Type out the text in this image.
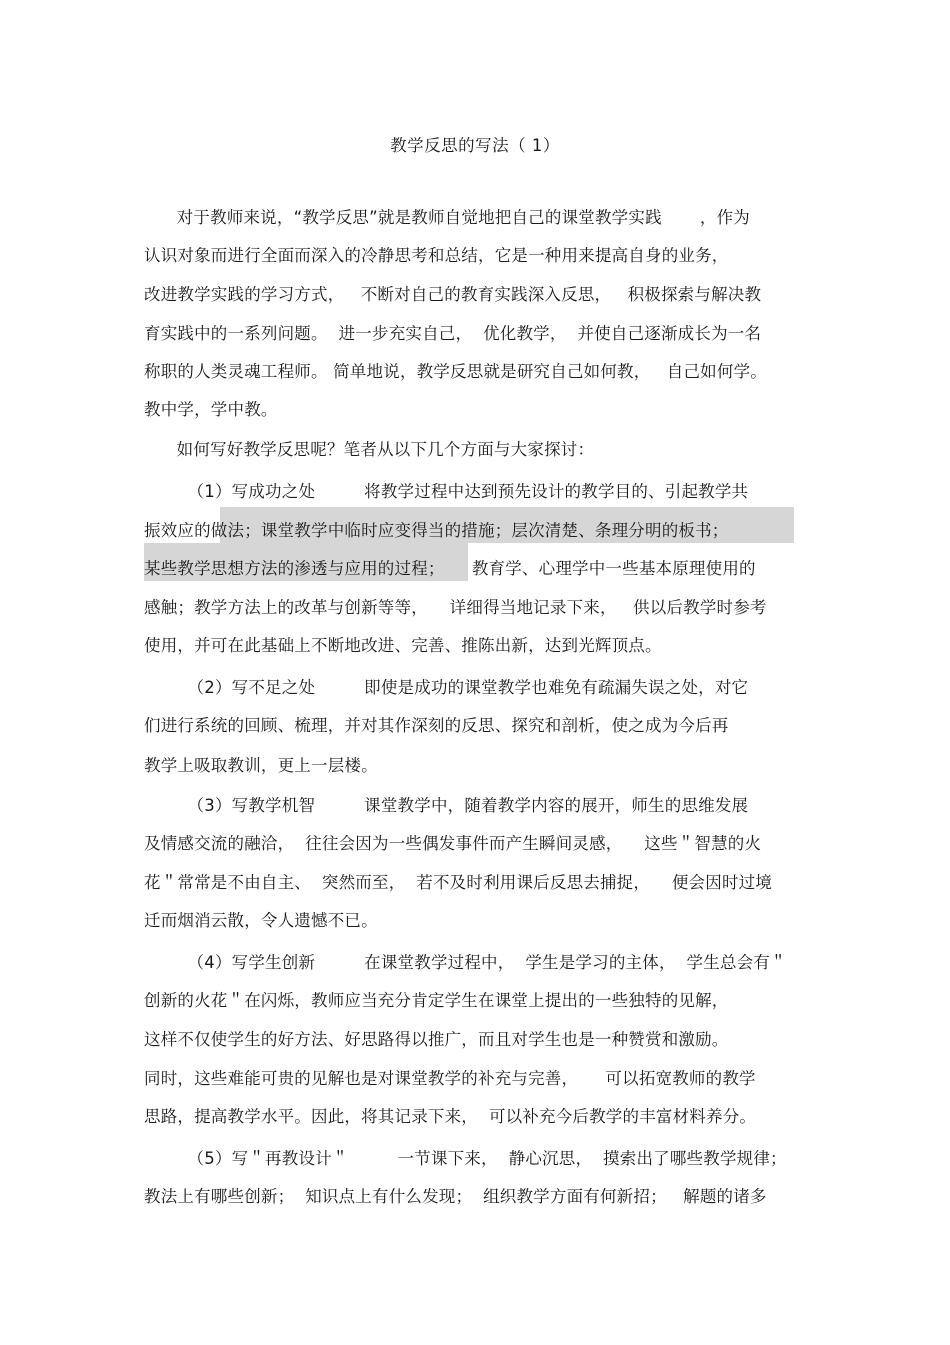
教学反思的写法（ 1）
对于教师来说，“教学反思”就是教师自觉地把自己的课堂教学实践       ，作为
认识对象而进行全面而深入的冷静思考和总结，它是一种用来提高自身的业务，
改进教学实践的学习方式，   不断对自己的教育实践深入反思，   积极探索与解决教
育实践中的一系列问题。  进一步充实自己，  优化教学，  并使自己逐渐成长为一名
称职的人类灵魂工程师。 简单地说，教学反思就是研究自己如何教，   自己如何学。
教中学，学中教。
如何写好教学反思呢？笔者从以下几个方面与大家探讨：
（1）写成功之处         将教学过程中达到预先设计的教学目的、引起教学共
振效应的做法；课堂教学中临时应变得当的措施；层次清楚、条理分明的板书；
某些教学思想方法的渗透与应用的过程；     教育学、心理学中一些基本原理使用的
感触；教学方法上的改革与创新等等，    详细得当地记录下来，   供以后教学时参考
使用，并可在此基础上不断地改进、完善、推陈出新，达到光辉顶点。
（2）写不足之处         即使是成功的课堂教学也难免有疏漏失误之处，对它
们进行系统的回顾、梳理，并对其作深刻的反思、探究和剖析，使之成为今后再
教学上吸取教训，更上一层楼。
（3）写教学机智         课堂教学中，随着教学内容的展开，师生的思维发展
及情感交流的融洽，  往往会因为一些偶发事件而产生瞬间灵感，    这些＂智慧的火
花＂常常是不由自主、  突然而至，  若不及时利用课后反思去捕捉，    便会因时过境
迁而烟消云散，令人遗憾不已。
（4）写学生创新         在课堂教学过程中，  学生是学习的主体，  学生总会有＂
创新的火花＂在闪烁，教师应当充分肯定学生在课堂上提出的一些独特的见解，
这样不仅使学生的好方法、好思路得以推广，而且对学生也是一种赞赏和激励。
同时，这些难能可贵的见解也是对课堂教学的补充与完善，     可以拓宽教师的教学
思路，提高教学水平。因此，将其记录下来，  可以补充今后教学的丰富材料养分。
（5）写＂再教设计＂         一节课下来，  静心沉思，  摸索出了哪些教学规律；
教法上有哪些创新；  知识点上有什么发现；  组织教学方面有何新招；   解题的诸多
